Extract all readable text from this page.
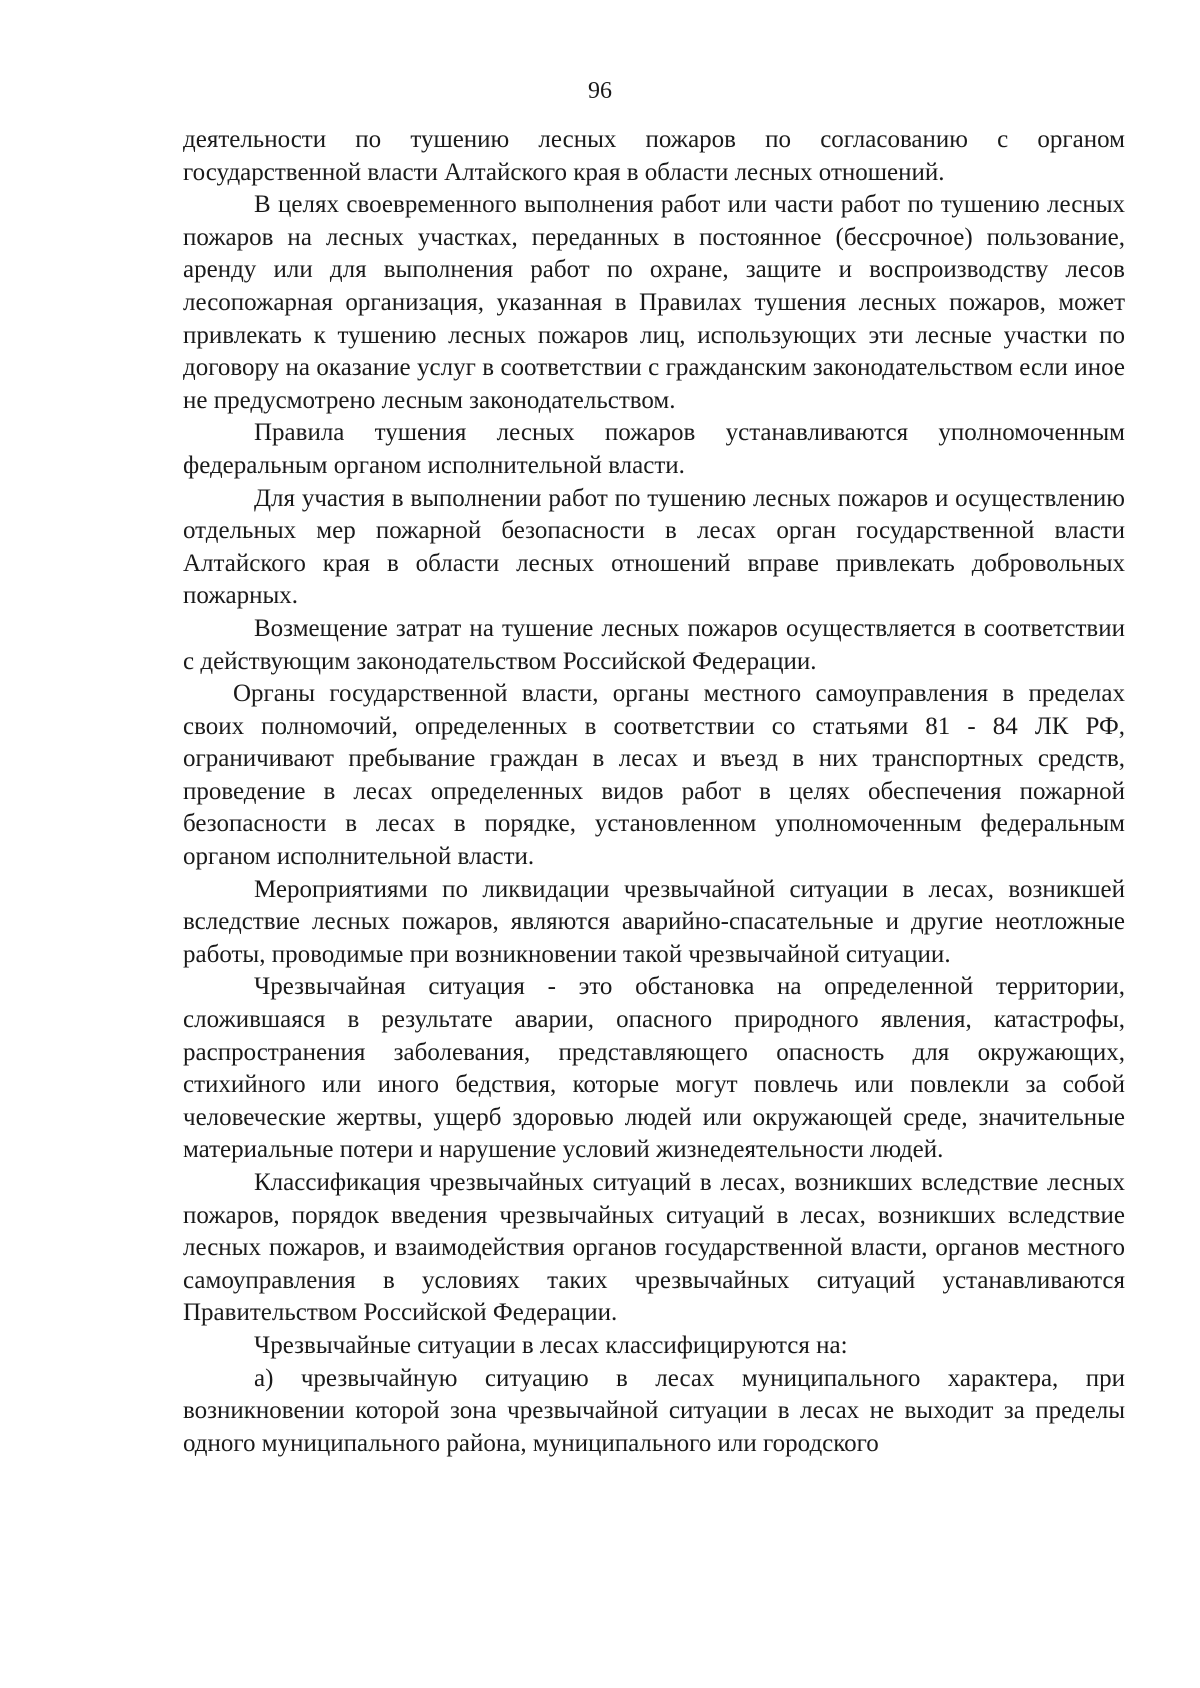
96

деятельности по тушению лесных пожаров по согласованию с органом государственной власти Алтайского края в области лесных отношений.

В целях своевременного выполнения работ или части работ по тушению лесных пожаров на лесных участках, переданных в постоянное (бессрочное) пользование, аренду или для выполнения работ по охране, защите и воспроизводству лесов лесопожарная организация, указанная в Правилах тушения лесных пожаров, может привлекать к тушению лесных пожаров лиц, использующих эти лесные участки по договору на оказание услуг в соответствии с гражданским законодательством если иное не предусмотрено лесным законодательством.

Правила тушения лесных пожаров устанавливаются уполномоченным федеральным органом исполнительной власти.

Для участия в выполнении работ по тушению лесных пожаров и осуществлению отдельных мер пожарной безопасности в лесах орган государственной власти Алтайского края в области лесных отношений вправе привлекать добровольных пожарных.

Возмещение затрат на тушение лесных пожаров осуществляется в соответствии с действующим законодательством Российской Федерации.

Органы государственной власти, органы местного самоуправления в пределах своих полномочий, определенных в соответствии со статьями 81 - 84 ЛК РФ, ограничивают пребывание граждан в лесах и въезд в них транспортных средств, проведение в лесах определенных видов работ в целях обеспечения пожарной безопасности в лесах в порядке, установленном уполномоченным федеральным органом исполнительной власти.

Мероприятиями по ликвидации чрезвычайной ситуации в лесах, возникшей вследствие лесных пожаров, являются аварийно-спасательные и другие неотложные работы, проводимые при возникновении такой чрезвычайной ситуации.

Чрезвычайная ситуация - это обстановка на определенной территории, сложившаяся в результате аварии, опасного природного явления, катастрофы, распространения заболевания, представляющего опасность для окружающих, стихийного или иного бедствия, которые могут повлечь или повлекли за собой человеческие жертвы, ущерб здоровью людей или окружающей среде, значительные материальные потери и нарушение условий жизнедеятельности людей.

Классификация чрезвычайных ситуаций в лесах, возникших вследствие лесных пожаров, порядок введения чрезвычайных ситуаций в лесах, возникших вследствие лесных пожаров, и взаимодействия органов государственной власти, органов местного самоуправления в условиях таких чрезвычайных ситуаций устанавливаются Правительством Российской Федерации.

Чрезвычайные ситуации в лесах классифицируются на:

а) чрезвычайную ситуацию в лесах муниципального характера, при возникновении которой зона чрезвычайной ситуации в лесах не выходит за пределы одного муниципального района, муниципального или городского
